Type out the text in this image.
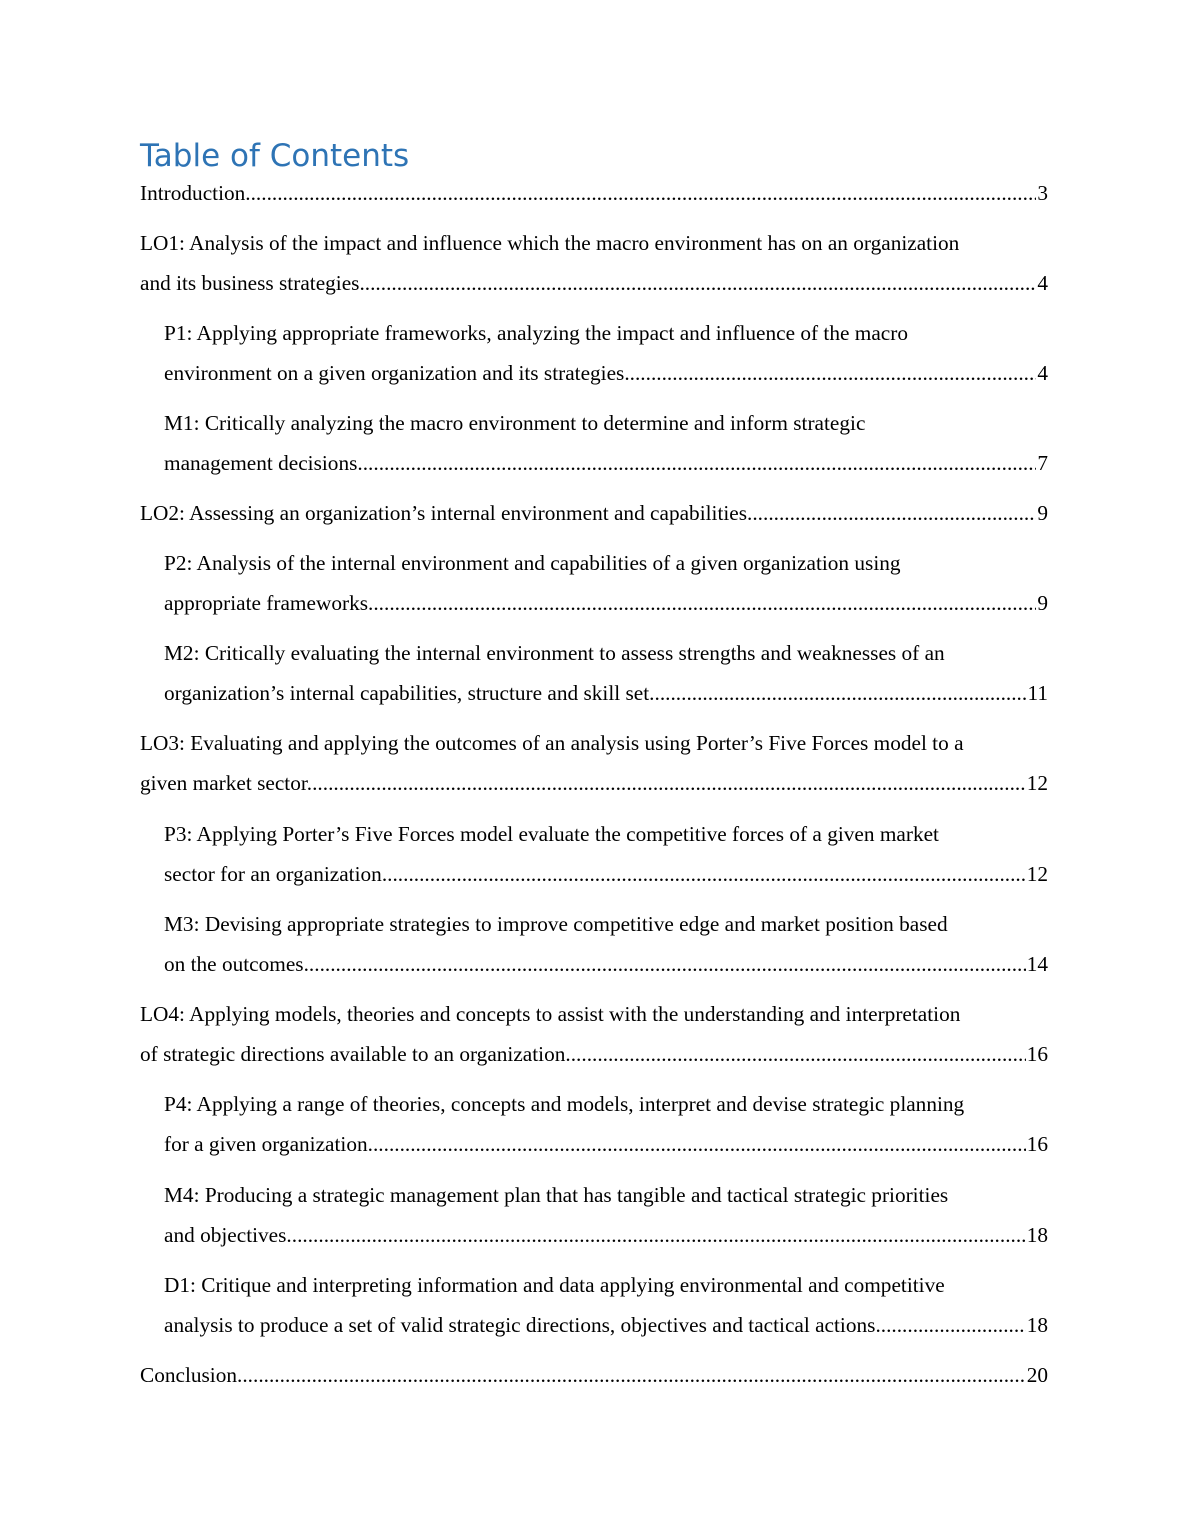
Table of Contents
Introduction .....	3
LO1: Analysis of the impact and influence which the macro environment has on an organization
and its business strategies .....	4
P1: Applying appropriate frameworks, analyzing the impact and influence of the macro
environment on a given organization and its strategies .....	4
M1: Critically analyzing the macro environment to determine and inform strategic
management decisions .....	7
LO2: Assessing an organization’s internal environment and capabilities .....	9
P2: Analysis of the internal environment and capabilities of a given organization using
appropriate frameworks .....	9
M2: Critically evaluating the internal environment to assess strengths and weaknesses of an
organization’s internal capabilities, structure and skill set .....	11
LO3: Evaluating and applying the outcomes of an analysis using Porter’s Five Forces model to a
given market sector .....	12
P3: Applying Porter’s Five Forces model evaluate the competitive forces of a given market
sector for an organization .....	12
M3: Devising appropriate strategies to improve competitive edge and market position based
on the outcomes .....	14
LO4: Applying models, theories and concepts to assist with the understanding and interpretation
of strategic directions available to an organization .....	16
P4: Applying a range of theories, concepts and models, interpret and devise strategic planning
for a given organization .....	16
M4: Producing a strategic management plan that has tangible and tactical strategic priorities
and objectives .....	18
D1: Critique and interpreting information and data applying environmental and competitive
analysis to produce a set of valid strategic directions, objectives and tactical actions .....	18
Conclusion .....	20
